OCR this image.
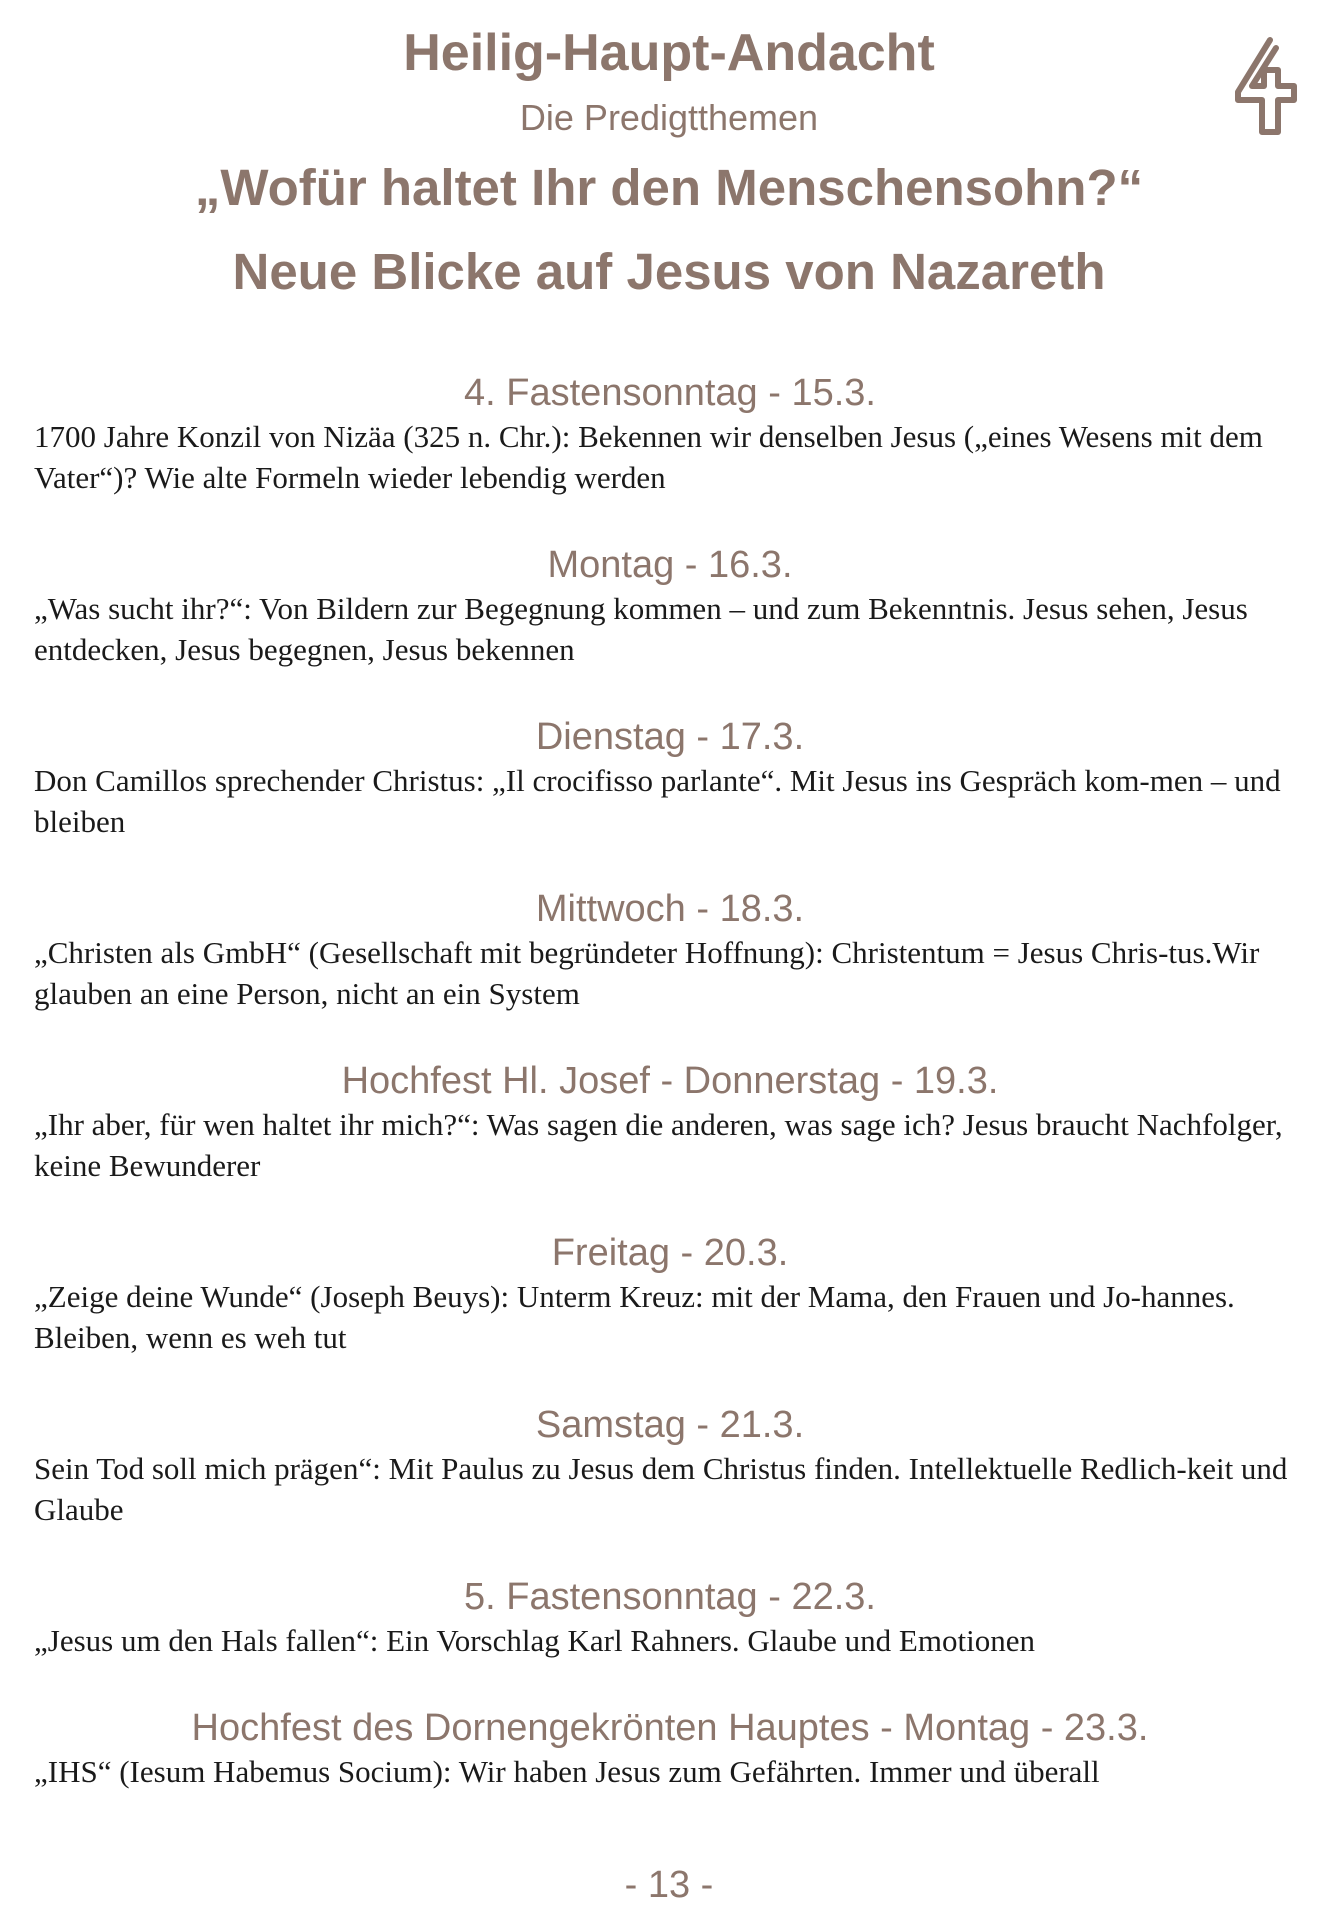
Heilig-Haupt-Andacht
Die Predigtthemen
„Wofür haltet Ihr den Menschensohn?“
Neue Blicke auf Jesus von Nazareth
4. Fastensonntag - 15.3.

1700 Jahre Konzil von Nizäa (325 n. Chr.): Bekennen wir denselben Jesus („eines Wesens mit dem Vater“)? Wie alte Formeln wieder lebendig werden

Montag - 16.3.

„Was sucht ihr?“: Von Bildern zur Begegnung kommen – und zum Bekenntnis. Jesus sehen, Jesus entdecken, Jesus begegnen, Jesus bekennen

Dienstag - 17.3.

Don Camillos sprechender Christus: „Il crocifisso parlante“. Mit Jesus ins Gespräch kom-men – und bleiben

Mittwoch - 18.3.

„Christen als GmbH“ (Gesellschaft mit begründeter Hoffnung): Christentum = Jesus Chris-tus.Wir glauben an eine Person, nicht an ein System

Hochfest Hl. Josef - Donnerstag - 19.3.

„Ihr aber, für wen haltet ihr mich?“: Was sagen die anderen, was sage ich? Jesus braucht Nachfolger, keine Bewunderer

Freitag - 20.3.

„Zeige deine Wunde“ (Joseph Beuys): Unterm Kreuz: mit der Mama, den Frauen und Jo-hannes. Bleiben, wenn es weh tut

Samstag - 21.3.

Sein Tod soll mich prägen“: Mit Paulus zu Jesus dem Christus finden. Intellektuelle Redlich-keit und Glaube

5. Fastensonntag - 22.3.

„Jesus um den Hals fallen“: Ein Vorschlag Karl Rahners. Glaube und Emotionen

Hochfest des Dornengekrönten Hauptes - Montag - 23.3.

„IHS“ (Iesum Habemus Socium): Wir haben Jesus zum Gefährten. Immer und überall

- 13 -
